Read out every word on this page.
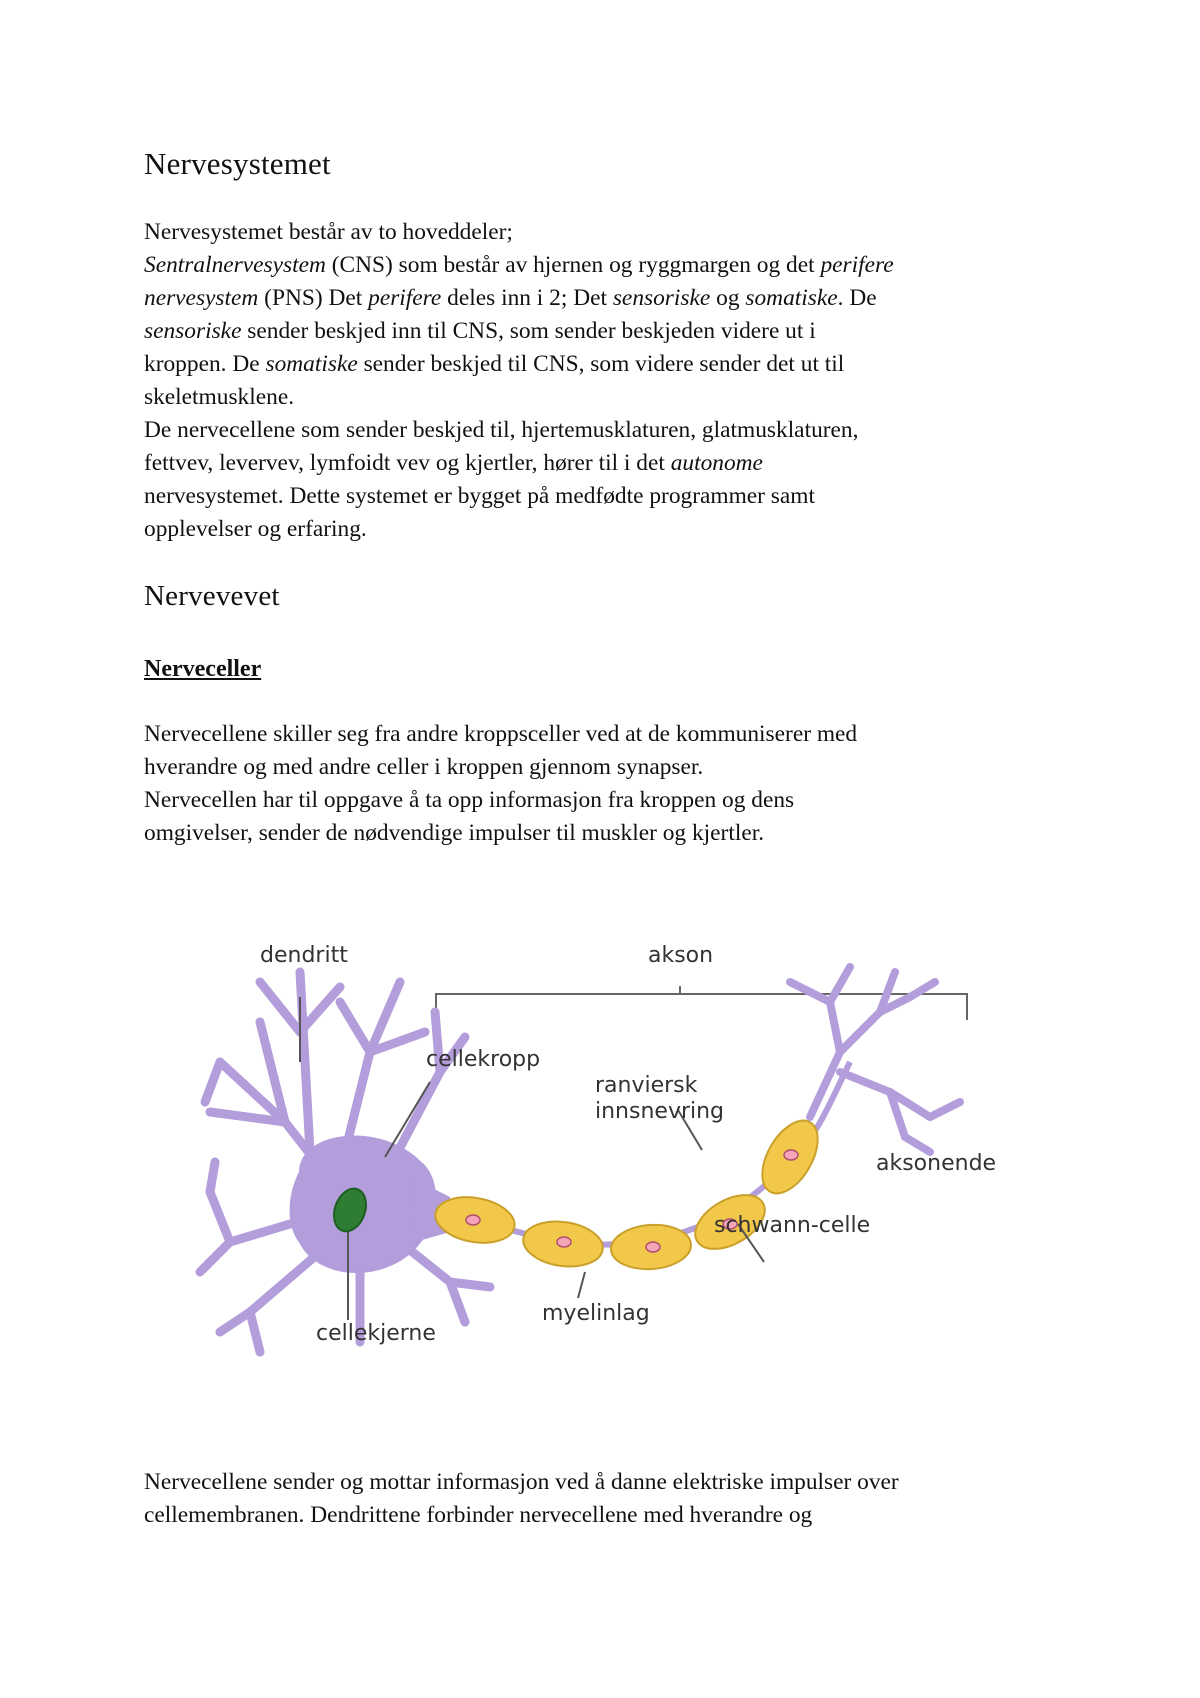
Nervesystemet

Nervesystemet består av to hoveddeler;
Sentralnervesystem (CNS) som består av hjernen og ryggmargen og det perifere
nervesystem (PNS) Det perifere deles inn i 2; Det sensoriske og somatiske. De
sensoriske sender beskjed inn til CNS, som sender beskjeden videre ut i
kroppen. De somatiske sender beskjed til CNS, som videre sender det ut til
skeletmusklene.
De nervecellene som sender beskjed til, hjertemusklaturen, glatmusklaturen,
fettvev, levervev, lymfoidt vev og kjertler, hører til i det autonome
nervesystemet. Dette systemet er bygget på medfødte programmer samt
opplevelser og erfaring.

Nervevevet
Nerveceller

Nervecellene skiller seg fra andre kroppsceller ved at de kommuniserer med
hverandre og med andre celler i kroppen gjennom synapser.
Nervecellen har til oppgave å ta opp informasjon fra kroppen og dens
omgivelser, sender de nødvendige impulser til muskler og kjertler.

dendritt	akson
cellekropp
ranviersk
innsnevring
aksonende
schwann-celle
myelinlag
cellekjerne

Nervecellene sender og mottar informasjon ved å danne elektriske impulser over
cellemembranen. Dendrittene forbinder nervecellene med hverandre og
